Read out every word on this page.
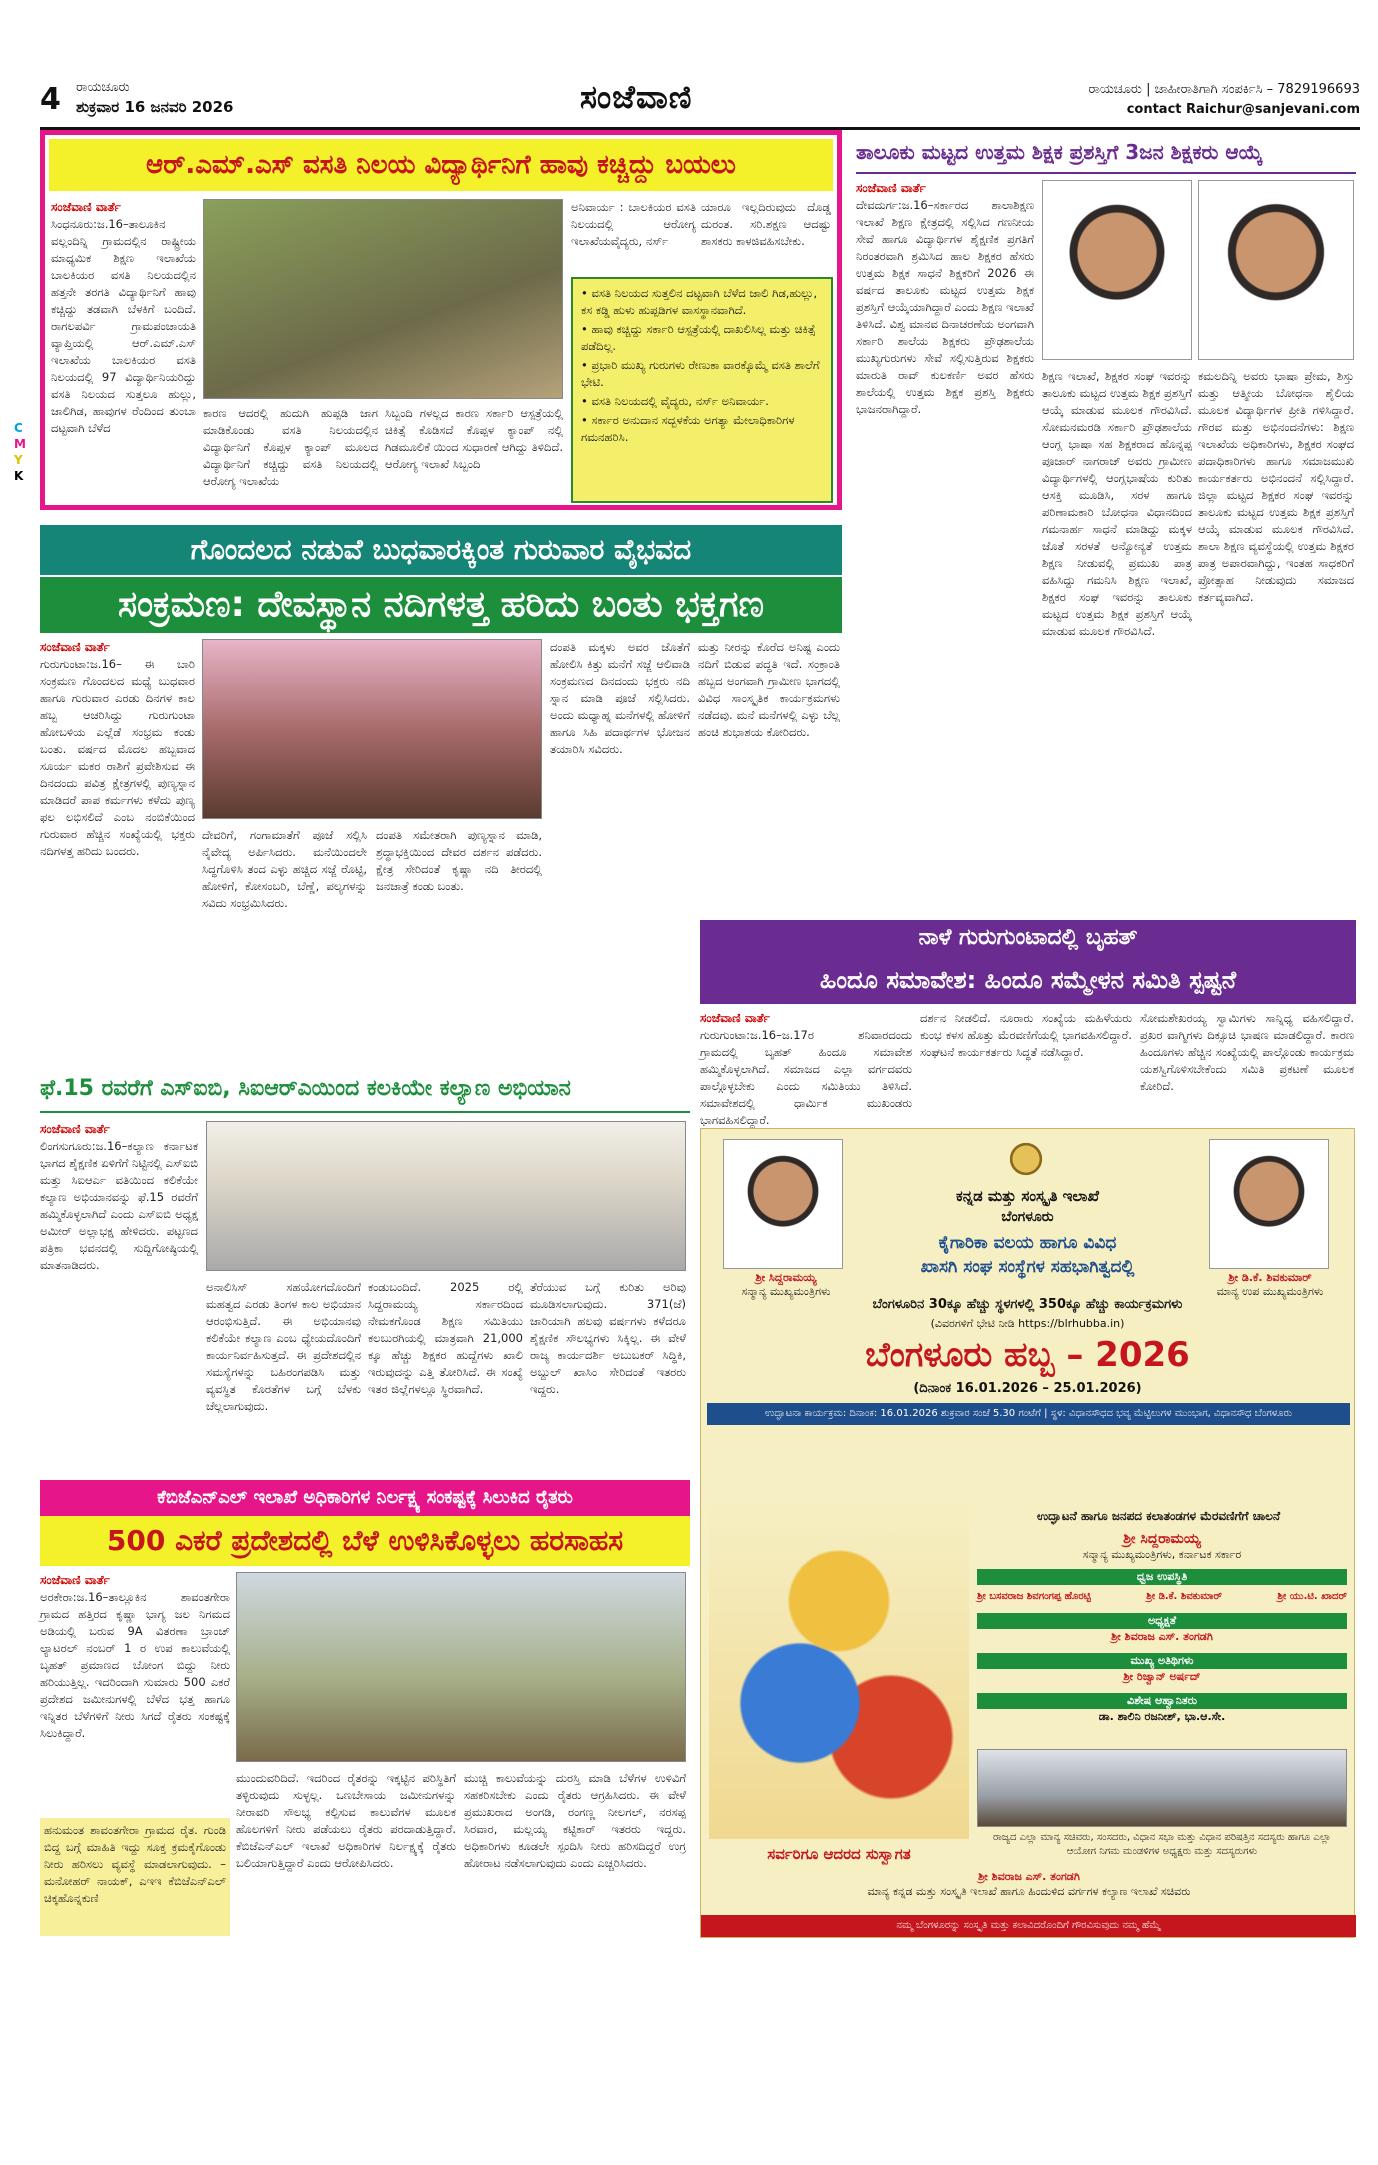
4 ರಾಯಚೂರು
ಶುಕ್ರವಾರ 16 ಜನವರಿ 2026	ಸಂಜೆವಾಣಿ	ರಾಯಚೂರು | ಜಾಹೀರಾತಿಗಾಗಿ ಸಂಪರ್ಕಿಸಿ – 7829196693
contact Raichur@sanjevani.com
C
M
Y
K
ಆರ್.ಎಮ್.ಎಸ್ ವಸತಿ ನಿಲಯ ವಿದ್ಯಾರ್ಥಿನಿಗೆ ಹಾವು ಕಚ್ಚಿದ್ದು ಬಯಲು
ಸಂಜೆವಾಣಿ ವಾರ್ತೆ
ಸಿಂಧನೂರು:ಜ.16–ತಾಲೂಕಿನ ವಲ್ಲಂದಿನ್ನಿ ಗ್ರಾಮದಲ್ಲಿನ ರಾಷ್ಟ್ರೀಯ ಮಾಧ್ಯಮಿಕ ಶಿಕ್ಷಣ ಇಲಾಖೆಯ ಬಾಲಕಿಯರ ವಸತಿ ನಿಲಯದಲ್ಲಿನ ಹತ್ತನೇ ತರಗತಿ ವಿದ್ಯಾರ್ಥಿನಿಗೆ ಹಾವು ಕಚ್ಚಿದ್ದು ತಡವಾಗಿ ಬೆಳಕಿಗೆ ಬಂದಿದೆ. ರಾಗಲಪರ್ವಿ ಗ್ರಾಮಪಂಚಾಯತಿ ವ್ಯಾಪ್ತಿಯಲ್ಲಿ ಆರ್.ಎಮ್.ಎಸ್ ಇಲಾಖೆಯ ಬಾಲಕಿಯರ ವಸತಿ ನಿಲಯದಲ್ಲಿ 97 ವಿದ್ಯಾರ್ಥಿನಿಯರಿದ್ದು ವಸತಿ ನಿಲಯದ ಸುತ್ತಲೂ ಹುಲ್ಲು, ಜಾಲಿಗಿಡ, ಹಾವುಗಳ ರೆಂದಿಂದ ತುಂಬಾ ದಟ್ಟವಾಗಿ ಬೆಳೆದ
ಕಾರಣ ಆದರಲ್ಲಿ ಹುದುಗಿ ಹುಪ್ಪಡಿ ಜಾಗ ಮಾಡಿಕೊಂಡು ವಸತಿ ನಿಲಯದಲ್ಲಿನ ವಿದ್ಯಾರ್ಥಿನಿಗೆ ಕೊಪ್ಪಳ ಕ್ಯಾಂಪ್ ಮೂಲದ ವಿದ್ಯಾರ್ಥಿನಿಗೆ ಕಚ್ಚಿದ್ದು ವಸತಿ ನಿಲಯದಲ್ಲಿ ಆರೋಗ್ಯ ಇಲಾಖೆಯ
ಸಿಬ್ಬಂದಿ ಗಳಲ್ಲದ ಕಾರಣ ಸರ್ಕಾರಿ ಆಸ್ಪತ್ರೆಯಲ್ಲಿ ಚಿಕಿತ್ಸೆ ಕೊಡಿಸದೆ ಕೊಪ್ಪಳ ಕ್ಯಾಂಪ್ ನಲ್ಲಿ ಗಿಡಮೂಲಿಕೆ ಯಿಂದ ಸುಧಾರಣೆ ಆಗಿದ್ದು ತಿಳಿದಿದೆ. ಆರೋಗ್ಯ ಇಲಾಖೆ ಸಿಬ್ಬಂದಿ
ಅನಿವಾರ್ಯ : ಬಾಲಕಿಯರ ವಸತಿ ನಿಲಯದಲ್ಲಿ ಆರೋಗ್ಯ ಇಲಾಖೆಯವೈದ್ಯರು, ನರ್ಸ್
ಯಾರೂ ಇಲ್ಲದಿರುವುದು ದೊಡ್ಡ ದುರಂತ. ಸರಿ.ಶಕ್ಷಣ ಆದಷ್ಟು ಶಾಸಕರು ಕಾಳಜಿವಹಿಸಬೇಕು.
• ವಸತಿ ನಿಲಯದ ಸುತ್ತಲಿನ ದಟ್ಟವಾಗಿ ಬೆಳೆದ ಜಾಲಿ ಗಿಡ,ಹುಲ್ಲು, ಕಸ ಕಡ್ಡಿ ಹುಳು ಹುಪ್ಪಡಿಗಳ ವಾಸಸ್ಥಾನವಾಗಿದೆ.
• ಹಾವು ಕಚ್ಚಿದ್ದು ಸರ್ಕಾರಿ ಆಸ್ಪತ್ರೆಯಲ್ಲಿ ದಾಖಲಿಸಿಲ್ಲ ಮತ್ತು ಚಿಕಿತ್ಸೆ ಪಡೆದಿಲ್ಲ.
• ಪ್ರಭಾರಿ ಮುಖ್ಯ ಗುರುಗಳು ರೇಣುಕಾ ವಾರಕ್ಕೊಮ್ಮೆ ವಸತಿ ಶಾಲೆಗೆ ಭೇಟಿ.
• ವಸತಿ ನಿಲಯದಲ್ಲಿ ವೈದ್ಯರು, ನರ್ಸ್ ಅನಿವಾರ್ಯ.
• ಸರ್ಕಾರ ಅನುದಾನ ಸದ್ಬಳಕೆಯ ಅಗತ್ಯಾ ಮೇಲಾಧಿಕಾರಿಗಳ ಗಮನಹರಿಸಿ.
ತಾಲೂಕು ಮಟ್ಟದ ಉತ್ತಮ ಶಿಕ್ಷಕ ಪ್ರಶಸ್ತಿಗೆ 3ಜನ ಶಿಕ್ಷಕರು ಆಯ್ಕೆ
ಸಂಜೆವಾಣಿ ವಾರ್ತೆ
ದೇವದುರ್ಗ:ಜ.16–ಸರ್ಕಾರದ ಶಾಲಾಶಿಕ್ಷಣ ಇಲಾಖೆ ಶಿಕ್ಷಣ ಕ್ಷೇತ್ರದಲ್ಲಿ ಸಲ್ಲಿಸಿದ ಗಣನೀಯ ಸೇವೆ ಹಾಗೂ ವಿದ್ಯಾರ್ಥಿಗಳ ಶೈಕ್ಷಣಿಕ ಪ್ರಗತಿಗೆ ನಿರಂತರವಾಗಿ ಶ್ರಮಿಸಿದ ಹಾಲ ಶಿಕ್ಷಕರ ಹೆಸರು ಉತ್ತಮ ಶಿಕ್ಷಕ ಸಾಧನೆ ಶಿಕ್ಷಕರಿಗೆ 2026 ಈ ವರ್ಷದ ತಾಲೂಕು ಮಟ್ಟದ ಉತ್ತಮ ಶಿಕ್ಷಕ ಪ್ರಶಸ್ತಿಗೆ ಆಯ್ಕೆಯಾಗಿದ್ದಾರೆ ಎಂದು ಶಿಕ್ಷಣ ಇಲಾಖೆ ತಿಳಿಸಿದೆ. ವಿಶ್ವ ಮಾನವ ದಿನಾಚರಣೆಯ ಅಂಗವಾಗಿ ಸರ್ಕಾರಿ ಶಾಲೆಯ ಶಿಕ್ಷಕರು ಪ್ರೌಢಶಾಲೆಯ ಮುಖ್ಯಗುರುಗಳು ಸೇವೆ ಸಲ್ಲಿಸುತ್ತಿರುವ ಶಿಕ್ಷಕರು ಮಾರುತಿ ರಾವ್ ಕುಲಕರ್ಣಿ ಅವರ ಹೆಸರು ಶಾಲೆಯಲ್ಲಿ ಉತ್ತಮ ಶಿಕ್ಷಕ ಪ್ರಶಸ್ತಿ ಶಿಕ್ಷಕರು ಭಾಜನರಾಗಿದ್ದಾರೆ.
ಶಿಕ್ಷಣ ಇಲಾಖೆ, ಶಿಕ್ಷಕರ ಸಂಘ ಇವರನ್ನು ತಾಲೂಕು ಮಟ್ಟದ ಉತ್ತಮ ಶಿಕ್ಷಕ ಪ್ರಶಸ್ತಿಗೆ ಆಯ್ಕೆ ಮಾಡುವ ಮೂಲಕ ಗೌರವಿಸಿದೆ. ಸೋಮನಮರಡಿ ಸರ್ಕಾರಿ ಪ್ರೌಢಶಾಲೆಯ ಆಂಗ್ಲ ಭಾಷಾ ಸಹ ಶಿಕ್ಷಕರಾದ ಹೊನ್ನಪ್ಪ ಪೂಜಾರ್ ನಾಗರಾಜ್ ಅವರು ಗ್ರಾಮೀಣ ವಿದ್ಯಾರ್ಥಿಗಳಲ್ಲಿ ಆಂಗ್ಲಭಾಷೆಯ ಕುರಿತು ಆಸಕ್ತಿ ಮೂಡಿಸಿ, ಸರಳ ಹಾಗೂ ಪರಿಣಾಮಕಾರಿ ಬೋಧನಾ ವಿಧಾನದಿಂದ ಗಮನಾರ್ಹ ಸಾಧನೆ ಮಾಡಿದ್ದು ಮಕ್ಕಳ ಜೊತೆ ಸರಳತೆ ಅನ್ಯೋನ್ಯತೆ ಉತ್ತಮ ಶಿಕ್ಷಣ ನೀಡುವಲ್ಲಿ ಪ್ರಮುಖ ಪಾತ್ರ ವಹಿಸಿದ್ದು ಗಮನಿಸಿ ಶಿಕ್ಷಣ ಇಲಾಖೆ, ಶಿಕ್ಷಕರ ಸಂಘ ಇವರನ್ನು ತಾಲೂಕು ಮಟ್ಟದ ಉತ್ತಮ ಶಿಕ್ಷಕ ಪ್ರಶಸ್ತಿಗೆ ಆಯ್ಕೆ ಮಾಡುವ ಮೂಲಕ ಗೌರವಿಸಿದೆ.
ಕಮಲದಿನ್ನಿ ಅವರು ಭಾಷಾ ಪ್ರೇಮ, ಶಿಸ್ತು ಮತ್ತು ಆತ್ಮೀಯ ಬೋಧನಾ ಶೈಲಿಯ ಮೂಲಕ ವಿದ್ಯಾರ್ಥಿಗಳ ಪ್ರೀತಿ ಗಳಿಸಿದ್ದಾರೆ. ಗೌರವ ಮತ್ತು ಅಭಿನಂದನೆಗಳು: ಶಿಕ್ಷಣ ಇಲಾಖೆಯ ಅಧಿಕಾರಿಗಳು, ಶಿಕ್ಷಕರ ಸಂಘದ ಪದಾಧಿಕಾರಿಗಳು ಹಾಗೂ ಸಮಾಜಮುಖಿ ಕಾರ್ಯಕರ್ತರು ಅಭಿನಂದನೆ ಸಲ್ಲಿಸಿದ್ದಾರೆ. ಜಿಲ್ಲಾ ಮಟ್ಟದ ಶಿಕ್ಷಕರ ಸಂಘ ಇವರನ್ನು ತಾಲೂಕು ಮಟ್ಟದ ಉತ್ತಮ ಶಿಕ್ಷಕ ಪ್ರಶಸ್ತಿಗೆ ಆಯ್ಕೆ ಮಾಡುವ ಮೂಲಕ ಗೌರವಿಸಿದೆ. ಶಾಲಾ ಶಿಕ್ಷಣ ವ್ಯವಸ್ಥೆಯಲ್ಲಿ ಉತ್ತಮ ಶಿಕ್ಷಕರ ಪಾತ್ರ ಅಪಾರವಾಗಿದ್ದು, ಇಂತಹ ಸಾಧಕರಿಗೆ ಪ್ರೋತ್ಸಾಹ ನೀಡುವುದು ಸಮಾಜದ ಕರ್ತವ್ಯವಾಗಿದೆ.
ಗೊಂದಲದ ನಡುವೆ ಬುಧವಾರಕ್ಕಿಂತ ಗುರುವಾರ ವೈಭವದ
ಸಂಕ್ರಮಣ: ದೇವಸ್ಥಾನ ನದಿಗಳತ್ತ ಹರಿದು ಬಂತು ಭಕ್ತಗಣ
ಸಂಜೆವಾಣಿ ವಾರ್ತೆ
ಗುರುಗುಂಟಾ:ಜ.16– ಈ ಬಾರಿ ಸಂಕ್ರಮಣ ಗೊಂದಲದ ಮಧ್ಯೆ ಬುಧವಾರ ಹಾಗೂ ಗುರುವಾರ ಎರಡು ದಿನಗಳ ಕಾಲ ಹಬ್ಬ ಆಚರಿಸಿದ್ದು ಗುರುಗುಂಟಾ ಹೋಬಳಿಯ ಎಲ್ಲೆಡೆ ಸಂಭ್ರಮ ಕಂಡು ಬಂತು. ವರ್ಷದ ಮೊದಲ ಹಬ್ಬವಾದ ಸೂರ್ಯ ಮಕರ ರಾಶಿಗೆ ಪ್ರವೇಶಿಸುವ ಈ ದಿನದಂದು ಪವಿತ್ರ ಕ್ಷೇತ್ರಗಳಲ್ಲಿ ಪುಣ್ಯಸ್ನಾನ ಮಾಡಿದರೆ ಪಾಪ ಕರ್ಮಗಳು ಕಳೆದು ಪುಣ್ಯ ಫಲ ಲಭಿಸಲಿದೆ ಎಂಬ ನಂಬಿಕೆಯಿಂದ ಗುರುವಾರ ಹೆಚ್ಚಿನ ಸಂಖ್ಯೆಯಲ್ಲಿ ಭಕ್ತರು ನದಿಗಳತ್ತ ಹರಿದು ಬಂದರು.
ದೇವರಿಗೆ, ಗಂಗಾಮಾತೆಗೆ ಪೂಜೆ ಸಲ್ಲಿಸಿ ನೈವೇದ್ಯ ಅರ್ಪಿಸಿದರು. ಮನೆಯಿಂದಲೇ ಸಿದ್ಧಗೊಳಿಸಿ ತಂದ ಎಳ್ಳು ಹಚ್ಚಿದ ಸಜ್ಜೆ ರೊಟ್ಟಿ, ಹೋಳಿಗೆ, ಕೋಸಂಬರಿ, ಬೆಣ್ಣೆ, ಪಲ್ಯಗಳನ್ನು ಸವಿದು ಸಂಭ್ರಮಿಸಿದರು.
ದಂಪತಿ ಸಮೇತರಾಗಿ ಪುಣ್ಯಸ್ನಾನ ಮಾಡಿ, ಶ್ರದ್ಧಾಭಕ್ತಿಯಿಂದ ದೇವರ ದರ್ಶನ ಪಡೆದರು. ಕ್ಷೇತ್ರ ಸೇರಿದಂತೆ ಕೃಷ್ಣಾ ನದಿ ತೀರದಲ್ಲಿ ಜನಜಾತ್ರೆ ಕಂಡು ಬಂತು.
ದಂಪತಿ ಮಕ್ಕಳು ಅವರ ಜೊತೆಗೆ ಹೋಲಿಸಿ ಕಿತ್ತು ಮನೆಗೆ ಸಜ್ಜೆ ಆಲಿವಾಡಿ ಸಂಕ್ರಮಣದ ದಿನದಂದು ಭಕ್ತರು ನದಿ ಸ್ನಾನ ಮಾಡಿ ಪೂಜೆ ಸಲ್ಲಿಸಿದರು. ಅಂದು ಮಧ್ಯಾಹ್ನ ಮನೆಗಳಲ್ಲಿ ಹೋಳಿಗೆ ಹಾಗೂ ಸಿಹಿ ಪದಾರ್ಥಗಳ ಭೋಜನ ತಯಾರಿಸಿ ಸವಿದರು.
ಮತ್ತು ನೀರನ್ನು ಕೊರೆದ ಅನಿಷ್ಟ ಎಂದು ನದಿಗೆ ಬಿಡುವ ಪದ್ಧತಿ ಇದೆ. ಸಂಕ್ರಾಂತಿ ಹಬ್ಬದ ಅಂಗವಾಗಿ ಗ್ರಾಮೀಣ ಭಾಗದಲ್ಲಿ ವಿವಿಧ ಸಾಂಸ್ಕೃತಿಕ ಕಾರ್ಯಕ್ರಮಗಳು ನಡೆದವು. ಮನೆ ಮನೆಗಳಲ್ಲಿ ಎಳ್ಳು ಬೆಲ್ಲ ಹಂಚಿ ಶುಭಾಶಯ ಕೋರಿದರು.
ನಾಳೆ ಗುರುಗುಂಟಾದಲ್ಲಿ ಬೃಹತ್
ಹಿಂದೂ ಸಮಾವೇಶ: ಹಿಂದೂ ಸಮ್ಮೇಳನ ಸಮಿತಿ ಸ್ಪಷ್ಟನೆ
ಸಂಜೆವಾಣಿ ವಾರ್ತೆ
ಗುರುಗುಂಟಾ:ಜ.16–ಜ.17ರ ಶನಿವಾರದಂದು ಗ್ರಾಮದಲ್ಲಿ ಬೃಹತ್ ಹಿಂದೂ ಸಮಾವೇಶ ಹಮ್ಮಿಕೊಳ್ಳಲಾಗಿದೆ. ಸಮಾಜದ ಎಲ್ಲಾ ವರ್ಗದವರು ಪಾಲ್ಗೊಳ್ಳಬೇಕು ಎಂದು ಸಮಿತಿಯು ತಿಳಿಸಿದೆ. ಸಮಾವೇಶದಲ್ಲಿ ಧಾರ್ಮಿಕ ಮುಖಂಡರು ಭಾಗವಹಿಸಲಿದ್ದಾರೆ.
ದರ್ಶನ ನೀಡಲಿದೆ. ನೂರಾರು ಸಂಖ್ಯೆಯ ಮಹಿಳೆಯರು ಕುಂಭ ಕಳಸ ಹೊತ್ತು ಮೆರವಣಿಗೆಯಲ್ಲಿ ಭಾಗವಹಿಸಲಿದ್ದಾರೆ. ಸಂಘಟನೆ ಕಾರ್ಯಕರ್ತರು ಸಿದ್ಧತೆ ನಡೆಸಿದ್ದಾರೆ.
ಸೋಮಶೇಖರಯ್ಯ ಸ್ವಾಮಿಗಳು ಸಾನ್ನಿಧ್ಯ ವಹಿಸಲಿದ್ದಾರೆ. ಪ್ರಖರ ವಾಗ್ಮಿಗಳು ದಿಕ್ಸೂಚಿ ಭಾಷಣ ಮಾಡಲಿದ್ದಾರೆ. ಕಾರಣ ಹಿಂದೂಗಳು ಹೆಚ್ಚಿನ ಸಂಖ್ಯೆಯಲ್ಲಿ ಪಾಲ್ಗೊಂಡು ಕಾರ್ಯಕ್ರಮ ಯಶಸ್ವಿಗೊಳಿಸಬೇಕೆಂದು ಸಮಿತಿ ಪ್ರಕಟಣೆ ಮೂಲಕ ಕೋರಿದೆ.
ಫೆ.15 ರವರೆಗೆ ಎಸ್‌ಐಬಿ, ಸಿಐಆರ್‌ಎಯಿಂದ ಕಲಕಿಯೇ ಕಲ್ಯಾಣ ಅಭಿಯಾನ
ಸಂಜೆವಾಣಿ ವಾರ್ತೆ
ಲಿಂಗಸುಗೂರು:ಜ.16–ಕಲ್ಯಾಣ ಕರ್ನಾಟಕ ಭಾಗದ ಶೈಕ್ಷಣಿಕ ಏಳಿಗೆಗೆ ನಿಟ್ಟಿನಲ್ಲಿ ಎಸ್ಐಬಿ ಮತ್ತು ಸಿಐಆರ್ಎ ವತಿಯಿಂದ ಕಲಿಕೆಯೇ ಕಲ್ಯಾಣ ಅಭಿಯಾನವನ್ನು ಫೆ.15 ರವರೆಗೆ ಹಮ್ಮಿಕೊಳ್ಳಲಾಗಿದೆ ಎಂದು ಎಸ್ಐಬಿ ಅಧ್ಯಕ್ಷ ಅಮೀರ್ ಅಲ್ಲಾಭಕ್ಷ ಹೇಳಿದರು. ಪಟ್ಟಣದ ಪತ್ರಿಕಾ ಭವನದಲ್ಲಿ ಸುದ್ದಿಗೋಷ್ಠಿಯಲ್ಲಿ ಮಾತನಾಡಿದರು.
ಅನಾಲಿಸಿಸ್ ಸಹಯೋಗದೊಂದಿಗೆ ಮಹತ್ವದ ಎರಡು ತಿಂಗಳ ಕಾಲ ಅಭಿಯಾನ ಆರಂಭಿಸುತ್ತಿದೆ. ಈ ಅಭಿಯಾನವು ಕಲಿಕೆಯೇ ಕಲ್ಯಾಣ ಎಂಬ ಧ್ಯೇಯದೊಂದಿಗೆ ಕಾರ್ಯನಿರ್ವಹಿಸುತ್ತದೆ. ಈ ಪ್ರದೇಶದಲ್ಲಿನ ಸಮಸ್ಯೆಗಳನ್ನು ಬಹಿರಂಗಪಡಿಸಿ ಮತ್ತು ವ್ಯವಸ್ಥಿತ ಕೊರತೆಗಳ ಬಗ್ಗೆ ಬೆಳಕು ಚೆಲ್ಲಲಾಗುವುದು.
ಕಂಡುಬಂದಿದೆ. 2025 ರಲ್ಲಿ ಸಿದ್ದರಾಮಯ್ಯ ಸರ್ಕಾರದಿಂದ ನೇಮಕಗೊಂಡ ಶಿಕ್ಷಣ ಸಮಿತಿಯು ಕಲಬುರಗಿಯಲ್ಲಿ ಮಾತ್ರವಾಗಿ 21,000 ಕ್ಕೂ ಹೆಚ್ಚು ಶಿಕ್ಷಕರ ಹುದ್ದೆಗಳು ಖಾಲಿ ಇರುವುದನ್ನು ಎತ್ತಿ ತೋರಿಸಿದೆ. ಈ ಸಂಖ್ಯೆ ಇತರ ಜಿಲ್ಲೆಗಳಲ್ಲೂ ಸ್ಥಿರವಾಗಿದೆ.
ತೆರೆಯುವ ಬಗ್ಗೆ ಕುರಿತು ಅರಿವು ಮೂಡಿಸಲಾಗುವುದು. 371(ಜೆ) ಜಾರಿಯಾಗಿ ಹಲವು ವರ್ಷಗಳು ಕಳೆದರೂ ಶೈಕ್ಷಣಿಕ ಸೌಲಭ್ಯಗಳು ಸಿಕ್ಕಿಲ್ಲ. ಈ ವೇಳೆ ರಾಜ್ಯ ಕಾರ್ಯದರ್ಶಿ ಅಬುಬಕರ್ ಸಿದ್ಧಿಕಿ, ಅಬ್ದುಲ್ ಖಾಸಿಂ ಸೇರಿದಂತೆ ಇತರರು ಇದ್ದರು.
ಕೆಬಿಜೆಎನ್ಎಲ್ ಇಲಾಖೆ ಅಧಿಕಾರಿಗಳ ನಿರ್ಲಕ್ಷ್ಯ ಸಂಕಷ್ಟಕ್ಕೆ ಸಿಲುಕಿದ ರೈತರು
500 ಎಕರೆ ಪ್ರದೇಶದಲ್ಲಿ ಬೆಳೆ ಉಳಿಸಿಕೊಳ್ಳಲು ಹರಸಾಹಸ
ಸಂಜೆವಾಣಿ ವಾರ್ತೆ
ಅರಕೇರಾ:ಜ.16–ತಾಲ್ಲೂಕಿನ ಶಾವಂತಗೇರಾ ಗ್ರಾಮದ ಹತ್ತಿರದ ಕೃಷ್ಣಾ ಭಾಗ್ಯ ಜಲ ನಿಗಮದ ಅಡಿಯಲ್ಲಿ ಬರುವ 9A ವಿತರಣಾ ಬ್ರಾಂಚ್ ಲ್ಯಾಟರಲ್ ನಂಬರ್ 1 ರ ಉಪ ಕಾಲುವೆಯಲ್ಲಿ ಬೃಹತ್ ಪ್ರಮಾಣದ ಬೋಂಗ ಬಿದ್ದು ನೀರು ಹರಿಯುತ್ತಿಲ್ಲ. ಇದರಿಂದಾಗಿ ಸುಮಾರು 500 ಎಕರೆ ಪ್ರದೇಶದ ಜಮೀನುಗಳಲ್ಲಿ ಬೆಳೆದ ಭತ್ತ ಹಾಗೂ ಇನ್ನಿತರ ಬೆಳೆಗಳಿಗೆ ನೀರು ಸಿಗದೆ ರೈತರು ಸಂಕಷ್ಟಕ್ಕೆ ಸಿಲುಕಿದ್ದಾರೆ.
ಮುಂದುವರಿದಿದೆ. ಇದರಿಂದ ರೈತರನ್ನು ಇಕ್ಕಟ್ಟಿನ ಪರಿಸ್ಥಿತಿಗೆ ತಳ್ಳಿರುವುದು ಸುಳ್ಳಲ್ಲ. ಒಣಬೇಸಾಯ ಜಮೀನುಗಳನ್ನು ನೀರಾವರಿ ಸೌಲಭ್ಯ ಕಲ್ಪಿಸುವ ಕಾಲುವೆಗಳ ಮೂಲಕ ಹೊಲಗಳಿಗೆ ನೀರು ಪಡೆಯಲು ರೈತರು ಪರದಾಡುತ್ತಿದ್ದಾರೆ. ಕೆಬಿಜೆಎನ್ಎಲ್ ಇಲಾಖೆ ಅಧಿಕಾರಿಗಳ ನಿರ್ಲಕ್ಷ್ಯಕ್ಕೆ ರೈತರು ಬಲಿಯಾಗುತ್ತಿದ್ದಾರೆ ಎಂದು ಆರೋಪಿಸಿದರು.
ಮುಚ್ಚಿ ಕಾಲುವೆಯನ್ನು ದುರಸ್ತಿ ಮಾಡಿ ಬೆಳೆಗಳ ಉಳಿವಿಗೆ ಸಹಕರಿಸಬೇಕು ಎಂದು ರೈತರು ಆಗ್ರಹಿಸಿದರು. ಈ ವೇಳೆ ಪ್ರಮುಖರಾದ ಅಂಗಡಿ, ರಂಗಣ್ಣ ನೀಲಗಲ್, ನರಸಪ್ಪ ಸಿರವಾರ, ಮಲ್ಲಯ್ಯ ಕಟ್ಟಿಕಾರ್ ಇತರರು ಇದ್ದರು. ಅಧಿಕಾರಿಗಳು ಕೂಡಲೇ ಸ್ಪಂದಿಸಿ ನೀರು ಹರಿಸದಿದ್ದರೆ ಉಗ್ರ ಹೋರಾಟ ನಡೆಸಲಾಗುವುದು ಎಂದು ಎಚ್ಚರಿಸಿದರು.
ಹನುಮಂತ ಶಾವಂತಗೇರಾ ಗ್ರಾಮದ ರೈತ. ಗುಂಡಿ ಬಿದ್ದ ಬಗ್ಗೆ ಮಾಹಿತಿ ಇದ್ದು ಸೂಕ್ತ ಕ್ರಮಕೈಗೊಂಡು ನೀರು ಹರಿಸಲು ವ್ಯವಸ್ಥೆ ಮಾಡಲಾಗುವುದು. – ಮನೋಹರ್ ನಾಯಕ್, ಎಇಇ ಕೆಬಿಜೆಎನ್ಎಲ್ ಚಿಕ್ಕಹೊನ್ನಕುಣಿ
ಕನ್ನಡ ಮತ್ತು ಸಂಸ್ಕೃತಿ ಇಲಾಖೆ
ಬೆಂಗಳೂರು
ಕೈಗಾರಿಕಾ ವಲಯ ಹಾಗೂ ವಿವಿಧ
ಖಾಸಗಿ ಸಂಘ ಸಂಸ್ಥೆಗಳ ಸಹಭಾಗಿತ್ವದಲ್ಲಿ
ಶ್ರೀ ಸಿದ್ದರಾಮಯ್ಯ
ಸನ್ಮಾನ್ಯ ಮುಖ್ಯಮಂತ್ರಿಗಳು
ಶ್ರೀ ಡಿ.ಕೆ. ಶಿವಕುಮಾರ್
ಮಾನ್ಯ ಉಪ ಮುಖ್ಯಮಂತ್ರಿಗಳು
ಬೆಂಗಳೂರಿನ 30ಕ್ಕೂ ಹೆಚ್ಚು ಸ್ಥಳಗಳಲ್ಲಿ 350ಕ್ಕೂ ಹೆಚ್ಚು ಕಾರ್ಯಕ್ರಮಗಳು
(ವಿವರಗಳಿಗೆ ಭೇಟಿ ನೀಡಿ https://blrhubba.in)
ಬೆಂಗಳೂರು ಹಬ್ಬ – 2026
(ದಿನಾಂಕ 16.01.2026 – 25.01.2026)
ಉದ್ಘಾಟನಾ ಕಾರ್ಯಕ್ರಮ: ದಿನಾಂಕ: 16.01.2026 ಶುಕ್ರವಾರ ಸಂಜೆ 5.30 ಗಂಟೆಗೆ | ಸ್ಥಳ: ವಿಧಾನಸೌಧದ ಭವ್ಯ ಮೆಟ್ಟಿಲುಗಳ ಮುಂಭಾಗ, ವಿಧಾನಸೌಧ ಬೆಂಗಳೂರು
ಉದ್ಘಾಟನೆ ಹಾಗೂ ಜನಪದ ಕಲಾತಂಡಗಳ ಮೆರವಣಿಗೆಗೆ ಚಾಲನೆ
ಶ್ರೀ ಸಿದ್ದರಾಮಯ್ಯ
ಸನ್ಮಾನ್ಯ ಮುಖ್ಯಮಂತ್ರಿಗಳು, ಕರ್ನಾಟಕ ಸರ್ಕಾರ
ಧ್ವಜ ಉಪಸ್ಥಿತಿ
ಶ್ರೀ ಬಸವರಾಜ ಶಿವಗಂಗಪ್ಪ ಹೊರಟ್ಟಿ	ಶ್ರೀ ಡಿ.ಕೆ. ಶಿವಕುಮಾರ್	ಶ್ರೀ ಯು.ಟಿ. ಖಾದರ್
ಅಧ್ಯಕ್ಷತೆ
ಶ್ರೀ ಶಿವರಾಜ ಎಸ್. ತಂಗಡಗಿ
ಮುಖ್ಯ ಅತಿಥಿಗಳು
ಶ್ರೀ ರಿಜ್ವಾನ್ ಅರ್ಷದ್
ವಿಶೇಷ ಆಹ್ವಾನಿತರು
ಡಾ. ಶಾಲಿನಿ ರಜನೀಶ್, ಭಾ.ಆ.ಸೇ.
ರಾಜ್ಯದ ಎಲ್ಲಾ ಮಾನ್ಯ ಸಚಿವರು, ಸಂಸದರು, ವಿಧಾನ ಸಭಾ ಮತ್ತು ವಿಧಾನ ಪರಿಷತ್ತಿನ ಸದಸ್ಯರು ಹಾಗೂ ಎಲ್ಲಾ ಆಯೋಗ ನಿಗಮ ಮಂಡಳಿಗಳ ಅಧ್ಯಕ್ಷರು ಮತ್ತು ಸದಸ್ಯರುಗಳು
ಸರ್ವರಿಗೂ ಆದರದ ಸುಸ್ವಾಗತ
ಶ್ರೀ ಶಿವರಾಜ ಎಸ್. ತಂಗಡಗಿ
ಮಾನ್ಯ ಕನ್ನಡ ಮತ್ತು ಸಂಸ್ಕೃತಿ ಇಲಾಖೆ ಹಾಗೂ ಹಿಂದುಳಿದ ವರ್ಗಗಳ ಕಲ್ಯಾಣ ಇಲಾಖೆ ಸಚಿವರು
ನಮ್ಮ ಬೆಂಗಳೂರನ್ನು ಸಂಸ್ಕೃತಿ ಮತ್ತು ಕಲಾವಿದರೊಂದಿಗೆ ಗೌರವಿಸುವುದು ನಮ್ಮ ಹೆಮ್ಮೆ
